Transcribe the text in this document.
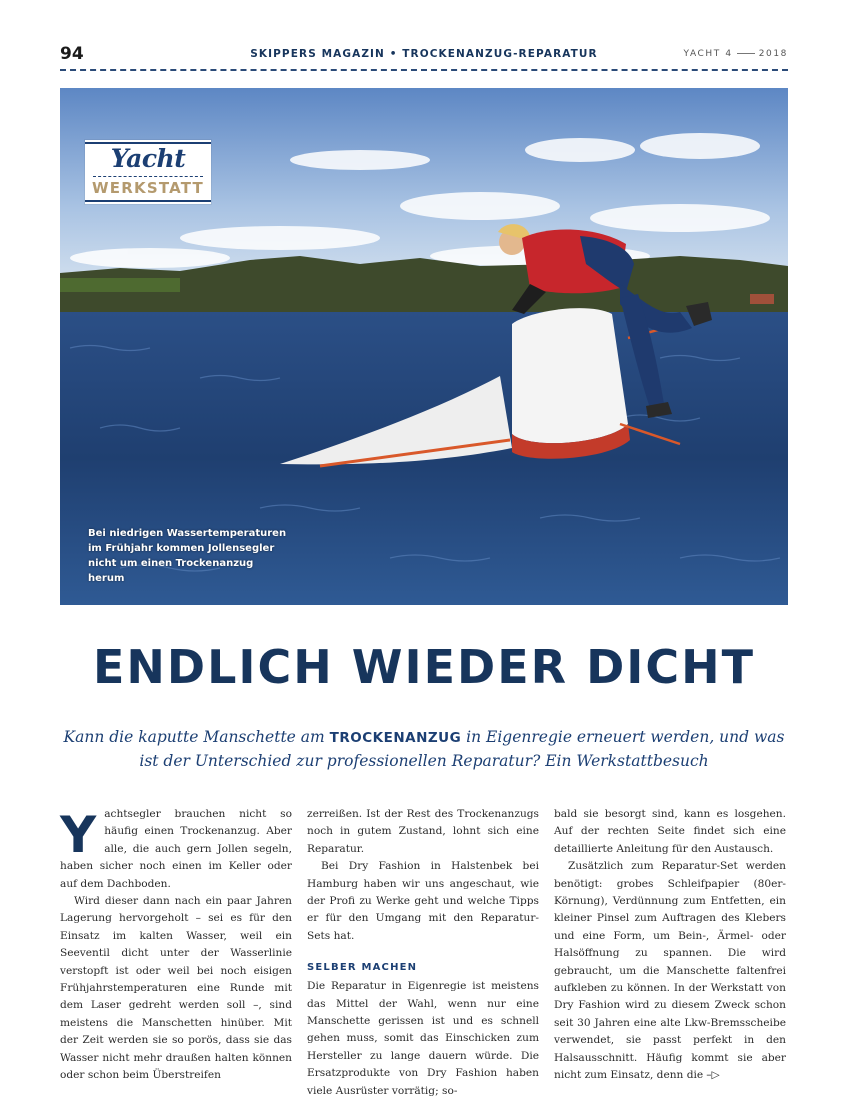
94	SKIPPERS MAGAZIN • TROCKENANZUG-REPARATUR	YACHT 4	2018
Yacht
WERKSTATT
Bei niedrigen Wassertemperaturen im Frühjahr kommen Jollensegler nicht um einen Trockenanzug herum
ENDLICH WIEDER DICHT
Kann die kaputte Manschette am TROCKENANZUG in Eigenregie erneuert werden, und was ist der Unterschied zur professionellen Reparatur? Ein Werkstattbesuch

Yachtsegler brauchen nicht so häufig einen Trockenanzug. Aber alle, die auch gern Jollen segeln, haben sicher noch einen im Keller oder auf dem Dachboden.

Wird dieser dann nach ein paar Jahren Lagerung hervorgeholt – sei es für den Einsatz im kalten Wasser, weil ein Seeventil dicht unter der Wasserlinie verstopft ist oder weil bei noch eisigen Frühjahrstemperaturen eine Runde mit dem Laser gedreht werden soll –, sind meistens die Manschetten hinüber. Mit der Zeit werden sie so porös, dass sie das Wasser nicht mehr draußen halten können oder schon beim Überstreifen

zerreißen. Ist der Rest des Trockenanzugs noch in gutem Zustand, lohnt sich eine Reparatur.

Bei Dry Fashion in Halstenbek bei Hamburg haben wir uns angeschaut, wie der Profi zu Werke geht und welche Tipps er für den Umgang mit den Reparatur-Sets hat.

SELBER MACHEN

Die Reparatur in Eigenregie ist meistens das Mittel der Wahl, wenn nur eine Manschette gerissen ist und es schnell gehen muss, somit das Einschicken zum Hersteller zu lange dauern würde. Die Ersatzprodukte von Dry Fashion haben viele Ausrüster vorrätig; so-

bald sie besorgt sind, kann es losgehen. Auf der rechten Seite findet sich eine detaillierte Anleitung für den Austausch.

Zusätzlich zum Reparatur-Set werden benötigt: grobes Schleifpapier (80er-Körnung), Verdünnung zum Entfetten, ein kleiner Pinsel zum Auftragen des Klebers und eine Form, um Bein-, Ärmel- oder Halsöffnung zu spannen. Die wird gebraucht, um die Manschette faltenfrei aufkleben zu können. In der Werkstatt von Dry Fashion wird zu diesem Zweck schon seit 30 Jahren eine alte Lkw-Bremsscheibe verwendet, sie passt perfekt in den Halsausschnitt. Häufig kommt sie aber nicht zum Einsatz, denn die –▷
